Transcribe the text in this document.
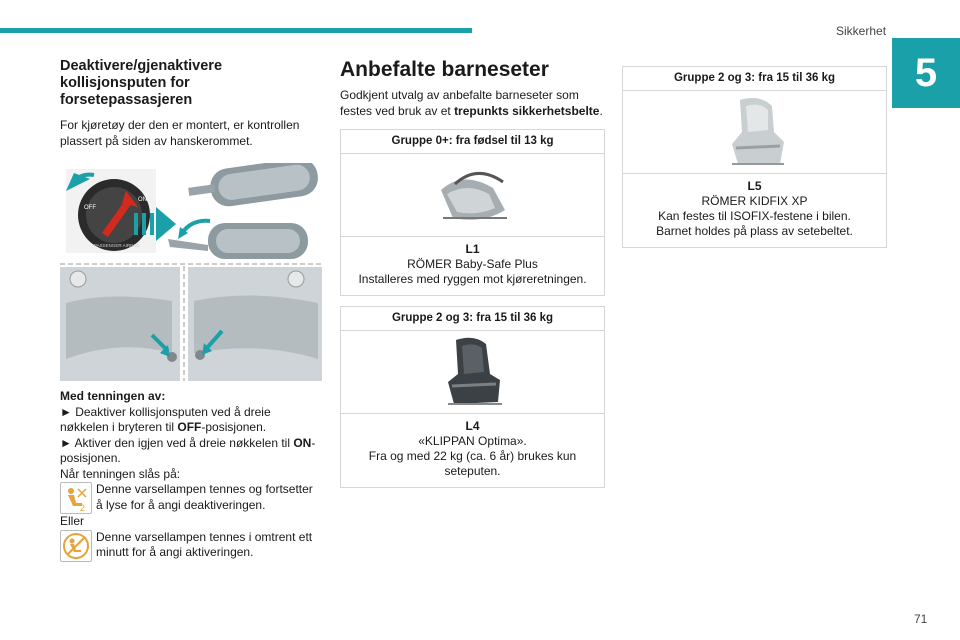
Sikkerhet
5
Deaktivere/gjenaktivere kollisjonsputen for forsetepassasjeren

For kjøretøy der den er montert, er kontrollen plassert på siden av hanskerommet.

OFF
ON
PASSENGER AIRBAG

Med tenningen av:

► Deaktiver kollisjonsputen ved å dreie nøkkelen i bryteren til OFF-posisjonen.

► Aktiver den igjen ved å dreie nøkkelen til ON-posisjonen.

Når tenningen slås på:

2

Denne varsellampen tennes og fortsetter å lyse for å angi deaktiveringen.

Eller

Denne varsellampen tennes i omtrent ett minutt for å angi aktiveringen.

Anbefalte barneseter

Godkjent utvalg av anbefalte barneseter som festes ved bruk av et trepunkts sikkerhetsbelte.

Gruppe 0+: fra fødsel til 13 kg
L1
RÖMER Baby-Safe Plus
Installeres med ryggen mot kjøreretningen.
Gruppe 2 og 3: fra 15 til 36 kg
L4
«KLIPPAN Optima».
Fra og med 22 kg (ca. 6 år) brukes kun seteputen.
Gruppe 2 og 3: fra 15 til 36 kg
L5
RÖMER KIDFIX XP
Kan festes til ISOFIX-festene i bilen.
Barnet holdes på plass av setebeltet.
71
